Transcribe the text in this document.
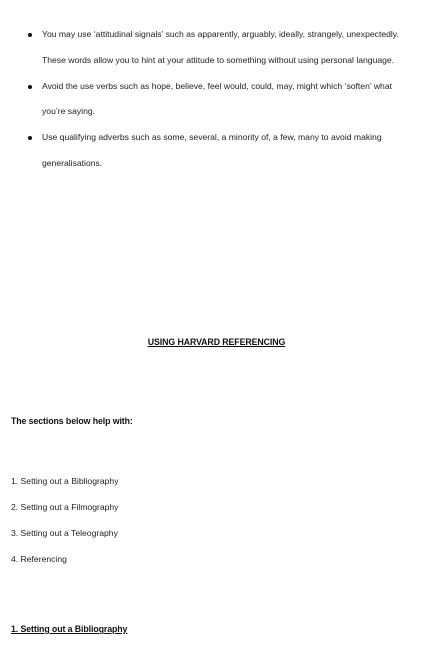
You may use ‘attitudinal signals’ such as apparently, arguably, ideally, strangely, unexpectedly. These words allow you to hint at your attitude to something without using personal language.
Avoid the use verbs such as hope, believe, feel would, could, may, might which ‘soften’ what you’re saying.
Use qualifying adverbs such as some, several, a minority of, a few, many to avoid making generalisations.
USING HARVARD REFERENCING
The sections below help with:
1. Setting out a Bibliography
2. Setting out a Filmography
3. Setting out a Teleography
4. Referencing
1. Setting out a Bibliography
